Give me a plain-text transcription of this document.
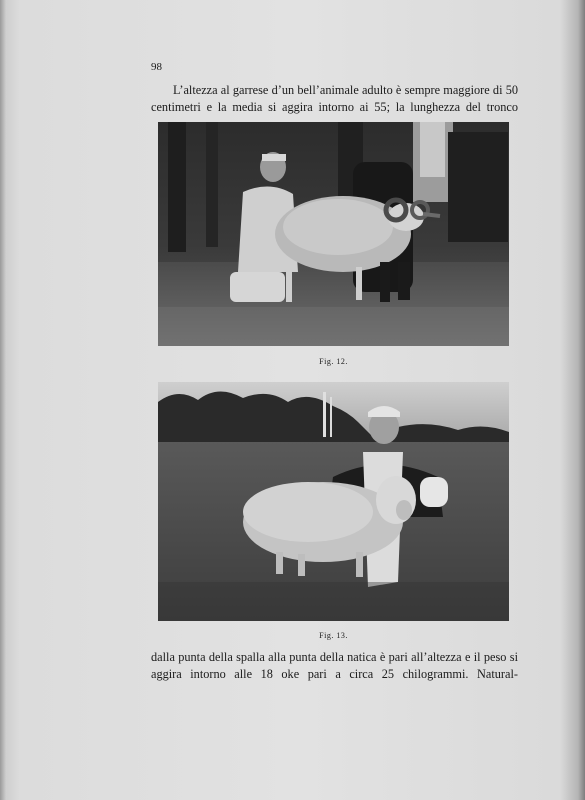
98

L’altezza al garrese d’un bell’animale adulto è sempre maggiore di 50 centimetri e la media si aggira intorno ai 55; la lunghezza del tronco

Fig. 12.
Fig. 13.

dalla punta della spalla alla punta della natica è pari all’altezza e il peso si aggira intorno alle 18 oke pari a circa 25 chilogrammi. Natural-
